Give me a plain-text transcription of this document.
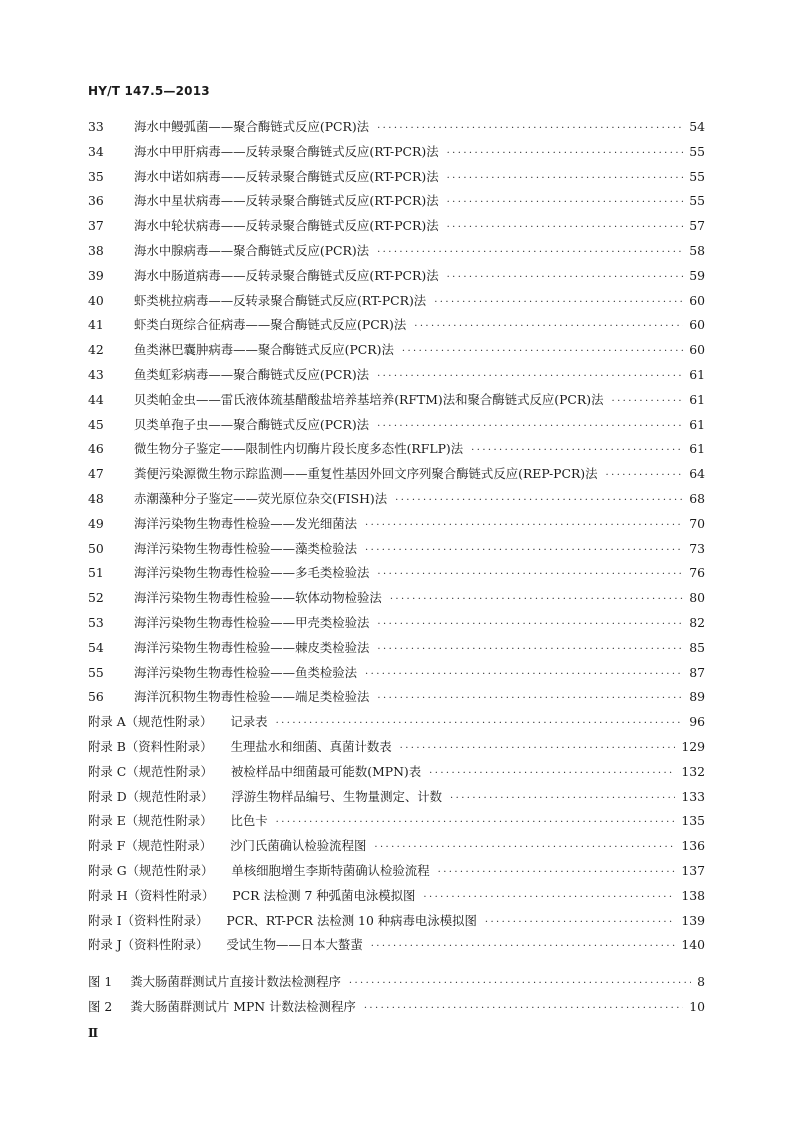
HY/T 147.5—2013
33	海水中鳗弧菌——聚合酶链式反应(PCR)法 ·····	54
34	海水中甲肝病毒——反转录聚合酶链式反应(RT-PCR)法 ·····	55
35	海水中诺如病毒——反转录聚合酶链式反应(RT-PCR)法 ·····	55
36	海水中星状病毒——反转录聚合酶链式反应(RT-PCR)法 ·····	55
37	海水中轮状病毒——反转录聚合酶链式反应(RT-PCR)法 ·····	57
38	海水中腺病毒——聚合酶链式反应(PCR)法 ·····	58
39	海水中肠道病毒——反转录聚合酶链式反应(RT-PCR)法 ·····	59
40	虾类桃拉病毒——反转录聚合酶链式反应(RT-PCR)法 ·····	60
41	虾类白斑综合征病毒——聚合酶链式反应(PCR)法 ·····	60
42	鱼类淋巴囊肿病毒——聚合酶链式反应(PCR)法 ·····	60
43	鱼类虹彩病毒——聚合酶链式反应(PCR)法 ·····	61
44	贝类帕金虫——雷氏液体巯基醋酸盐培养基培养(RFTM)法和聚合酶链式反应(PCR)法 ·····	61
45	贝类单孢子虫——聚合酶链式反应(PCR)法 ·····	61
46	微生物分子鉴定——限制性内切酶片段长度多态性(RFLP)法 ·····	61
47	粪便污染源微生物示踪监测——重复性基因外回文序列聚合酶链式反应(REP-PCR)法 ·····	64
48	赤潮藻种分子鉴定——荧光原位杂交(FISH)法 ·····	68
49	海洋污染物生物毒性检验——发光细菌法 ·····	70
50	海洋污染物生物毒性检验——藻类检验法 ·····	73
51	海洋污染物生物毒性检验——多毛类检验法 ·····	76
52	海洋污染物生物毒性检验——软体动物检验法 ·····	80
53	海洋污染物生物毒性检验——甲壳类检验法 ·····	82
54	海洋污染物生物毒性检验——棘皮类检验法 ·····	85
55	海洋污染物生物毒性检验——鱼类检验法 ·····	87
56	海洋沉积物生物毒性检验——端足类检验法 ·····	89
附录 A（规范性附录） 记录表 ·····	96
附录 B（资料性附录） 生理盐水和细菌、真菌计数表 ·····	129
附录 C（规范性附录） 被检样品中细菌最可能数(MPN)表 ·····	132
附录 D（规范性附录） 浮游生物样品编号、生物量测定、计数 ·····	133
附录 E（规范性附录） 比色卡 ·····	135
附录 F（规范性附录） 沙门氏菌确认检验流程图 ·····	136
附录 G（规范性附录） 单核细胞增生李斯特菌确认检验流程 ·····	137
附录 H（资料性附录） PCR 法检测 7 种弧菌电泳模拟图 ·····	138
附录 I（资料性附录） PCR、RT-PCR 法检测 10 种病毒电泳模拟图 ·····	139
附录 J（资料性附录） 受试生物——日本大螯蜚 ·····	140
图 1 粪大肠菌群测试片直接计数法检测程序 ·····	8
图 2 粪大肠菌群测试片 MPN 计数法检测程序 ·····	10
Ⅱ
